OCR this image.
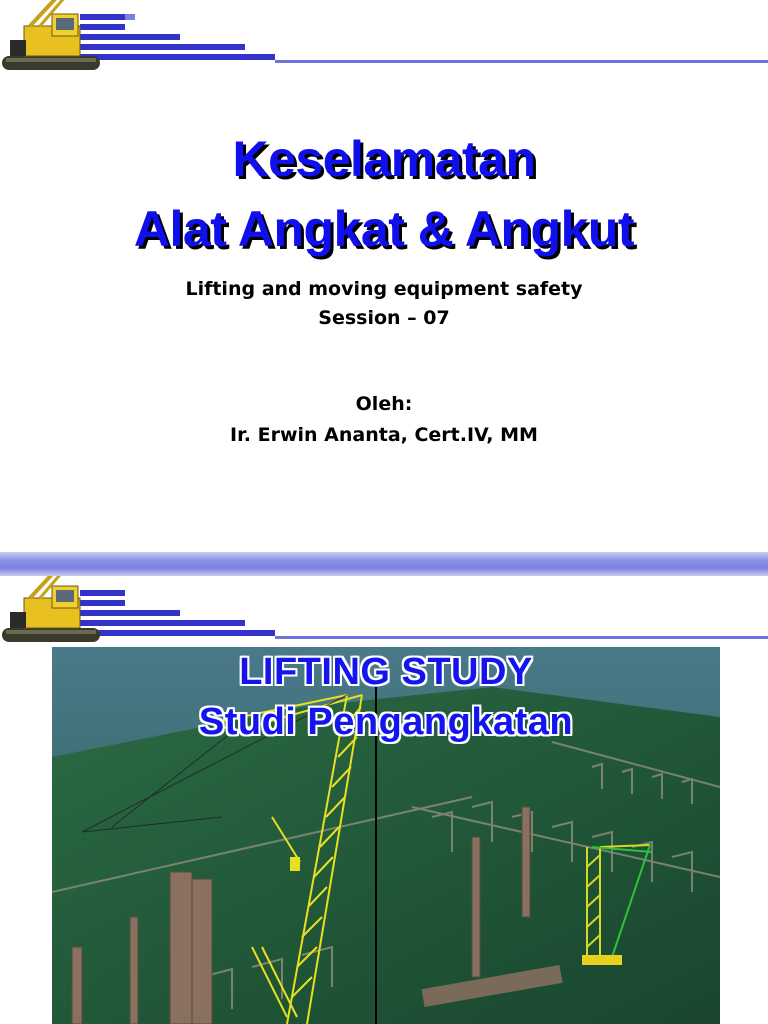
Keselamatan
Alat Angkat & Angkut
Lifting and moving equipment safety
Session – 07
Oleh:
Ir. Erwin Ananta, Cert.IV, MM
LIFTING STUDY
Studi Pengangkatan
